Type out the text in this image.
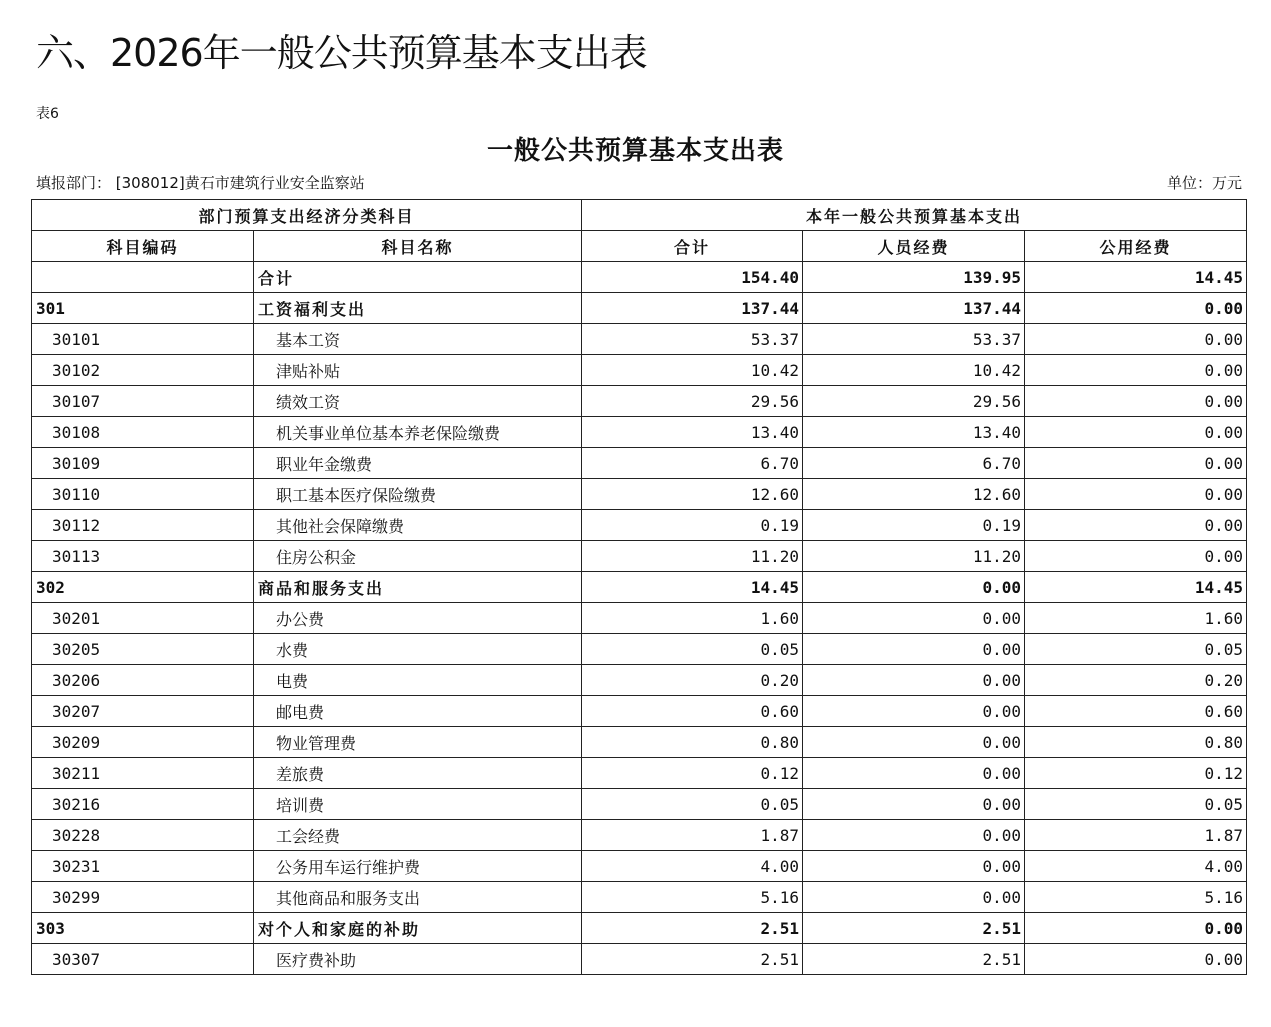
六、2026年一般公共预算基本支出表
表6
一般公共预算基本支出表
填报部门： [308012]黄石市建筑行业安全监察站	单位：万元
部门预算支出经济分类科目		本年一般公共预算基本支出		
科目编码	科目名称	合计	人员经费	公用经费
	合计	154.40	139.95	14.45
301	工资福利支出	137.44	137.44	0.00
30101	基本工资	53.37	53.37	0.00
30102	津贴补贴	10.42	10.42	0.00
30107	绩效工资	29.56	29.56	0.00
30108	机关事业单位基本养老保险缴费	13.40	13.40	0.00
30109	职业年金缴费	6.70	6.70	0.00
30110	职工基本医疗保险缴费	12.60	12.60	0.00
30112	其他社会保障缴费	0.19	0.19	0.00
30113	住房公积金	11.20	11.20	0.00
302	商品和服务支出	14.45	0.00	14.45
30201	办公费	1.60	0.00	1.60
30205	水费	0.05	0.00	0.05
30206	电费	0.20	0.00	0.20
30207	邮电费	0.60	0.00	0.60
30209	物业管理费	0.80	0.00	0.80
30211	差旅费	0.12	0.00	0.12
30216	培训费	0.05	0.00	0.05
30228	工会经费	1.87	0.00	1.87
30231	公务用车运行维护费	4.00	0.00	4.00
30299	其他商品和服务支出	5.16	0.00	5.16
303	对个人和家庭的补助	2.51	2.51	0.00
30307	医疗费补助	2.51	2.51	0.00
